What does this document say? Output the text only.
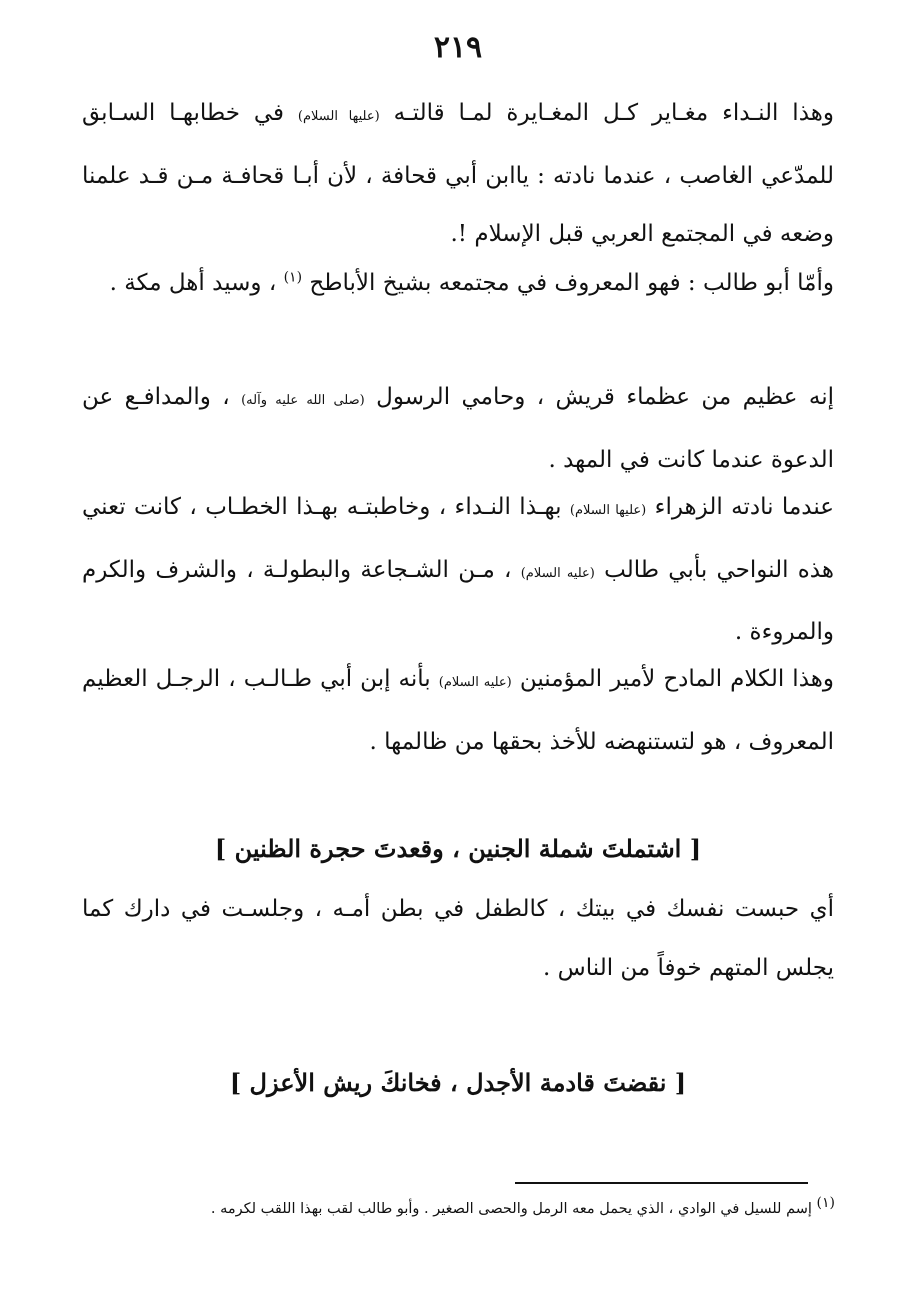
٢١٩

وهذا النـداء مغـاير كـل المغـايرة لمـا قالتـه (عليها السلام) في خطابهـا السـابق للمدّعي الغاصب ، عندما نادته : ياابن أبي قحافة ، لأن أبـا قحافـة مـن قـد علمنا وضعه في المجتمع العربي قبل الإسلام !.

وأمّا أبو طالب : فهو المعروف في مجتمعه بشيخ الأباطح $^{(١)}$ ، وسيد أهل مكة .

إنه عظيم من عظماء قريش ، وحامي الرسول (صلى الله عليه وآله) ، والمدافـع عن الدعوة عندما كانت في المهد .

عندما نادته الزهراء (عليها السلام) بهـذا النـداء ، وخاطبتـه بهـذا الخطـاب ، كانت تعني هذه النواحي بأبي طالب (عليه السلام) ، مـن الشـجاعة والبطولـة ، والشرف والكرم والمروءة .

وهذا الكلام المادح لأمير المؤمنين (عليه السلام) بأنه إبن أبي طـالـب ، الرجـل العظيم المعروف ، هو لتستنهضه للأخذ بحقها من ظالمها .

[ اشتملتَ شملة الجنين ، وقعدتَ حجرة الظنين ]

أي حبست نفسك في بيتك ، كالطفل في بطن أمـه ، وجلسـت في دارك كما يجلس المتهم خوفاً من الناس .

[ نقضتَ قادمة الأجدل ، فخانكَ ريش الأعزل ]

(١) إسم للسيل في الوادي ، الذي يحمل معه الرمل والحصى الصغير . وأبو طالب لقب بهذا اللقب لكرمه .
